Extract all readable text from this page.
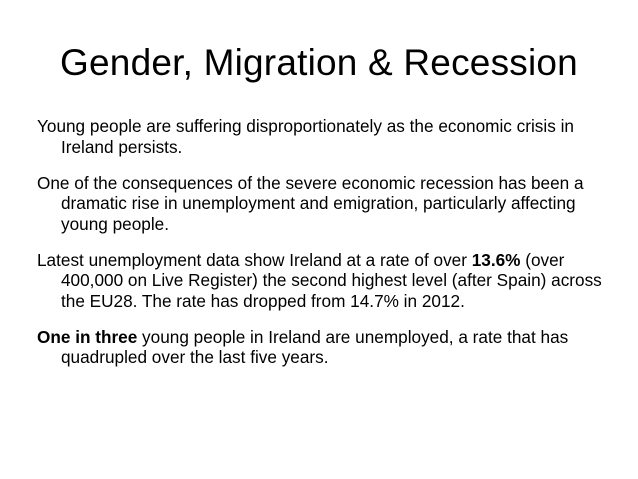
Gender, Migration & Recession

Young people are suffering disproportionately as the economic crisis in Ireland persists.

One of the consequences of the severe economic recession has been a dramatic rise in unemployment and emigration, particularly affecting young people.

Latest unemployment data show Ireland at a rate of over 13.6% (over 400,000 on Live Register) the second highest level (after Spain) across the EU28. The rate has dropped from 14.7% in 2012.

One in three young people in Ireland are unemployed, a rate that has quadrupled over the last five years.
